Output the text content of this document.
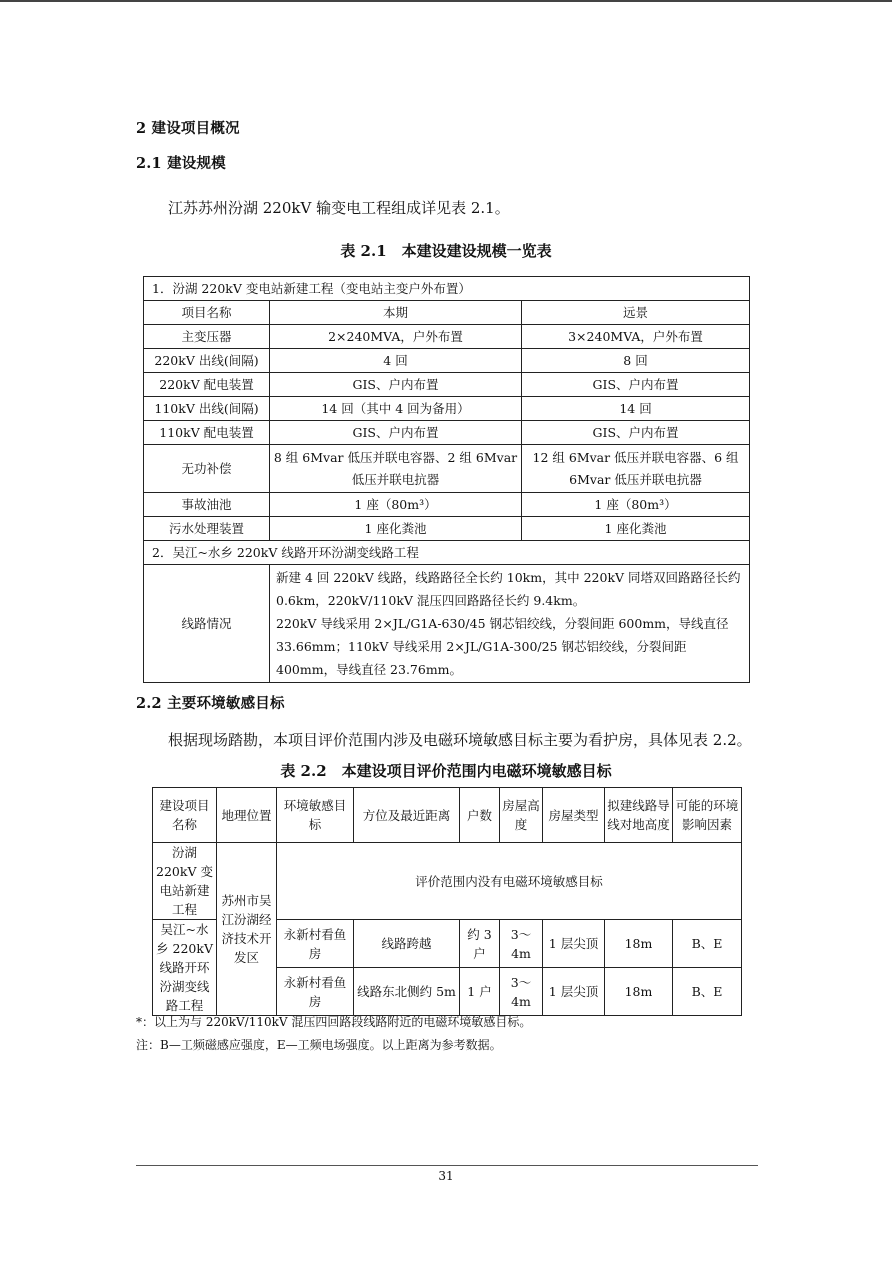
2 建设项目概况
2.1 建设规模
江苏苏州汾湖 220kV 输变电工程组成详见表 2.1。
表 2.1　本建设建设规模一览表
1．汾湖 220kV 变电站新建工程（变电站主变户外布置）		
项目名称	本期	远景
主变压器	2×240MVA，户外布置	3×240MVA，户外布置
220kV 出线(间隔)	4 回	8 回
220kV 配电装置	GIS、户内布置	GIS、户内布置
110kV 出线(间隔)	14 回（其中 4 回为备用）	14 回
110kV 配电装置	GIS、户内布置	GIS、户内布置
无功补偿	8 组 6Mvar 低压并联电容器、2 组 6Mvar 低压并联电抗器	12 组 6Mvar 低压并联电容器、6 组 6Mvar 低压并联电抗器
事故油池	1 座（80m³）	1 座（80m³）
污水处理装置	1 座化粪池	1 座化粪池
2．吴江~水乡 220kV 线路开环汾湖变线路工程		
线路情况	新建 4 回 220kV 线路，线路路径全长约 10km，其中 220kV 同塔双回路路径长约 0.6km，220kV/110kV 混压四回路路径长约 9.4km。
220kV 导线采用 2×JL/G1A-630/45 钢芯铝绞线，分裂间距 600mm，导线直径 33.66mm；110kV 导线采用 2×JL/G1A-300/25 钢芯铝绞线，分裂间距 400mm，导线直径 23.76mm。	
2.2 主要环境敏感目标
根据现场踏勘，本项目评价范围内涉及电磁环境敏感目标主要为看护房，具体见表 2.2。
表 2.2　本建设项目评价范围内电磁环境敏感目标
建设项目名称	地理位置	环境敏感目标	方位及最近距离	户数	房屋高度	房屋类型	拟建线路导线对地高度	可能的环境影响因素
汾湖 220kV 变电站新建工程	苏州市吴江汾湖经济技术开发区	评价范围内没有电磁环境敏感目标						
吴江~水乡 220kV 线路开环汾湖变线路工程		永新村看鱼房	线路跨越	约 3 户	3～4m	1 层尖顶	18m	B、E
		永新村看鱼房	线路东北侧约 5m	1 户	3～4m	1 层尖顶	18m	B、E
*：以上为与 220kV/110kV 混压四回路段线路附近的电磁环境敏感目标。
注：B—工频磁感应强度，E—工频电场强度。以上距离为参考数据。
31
